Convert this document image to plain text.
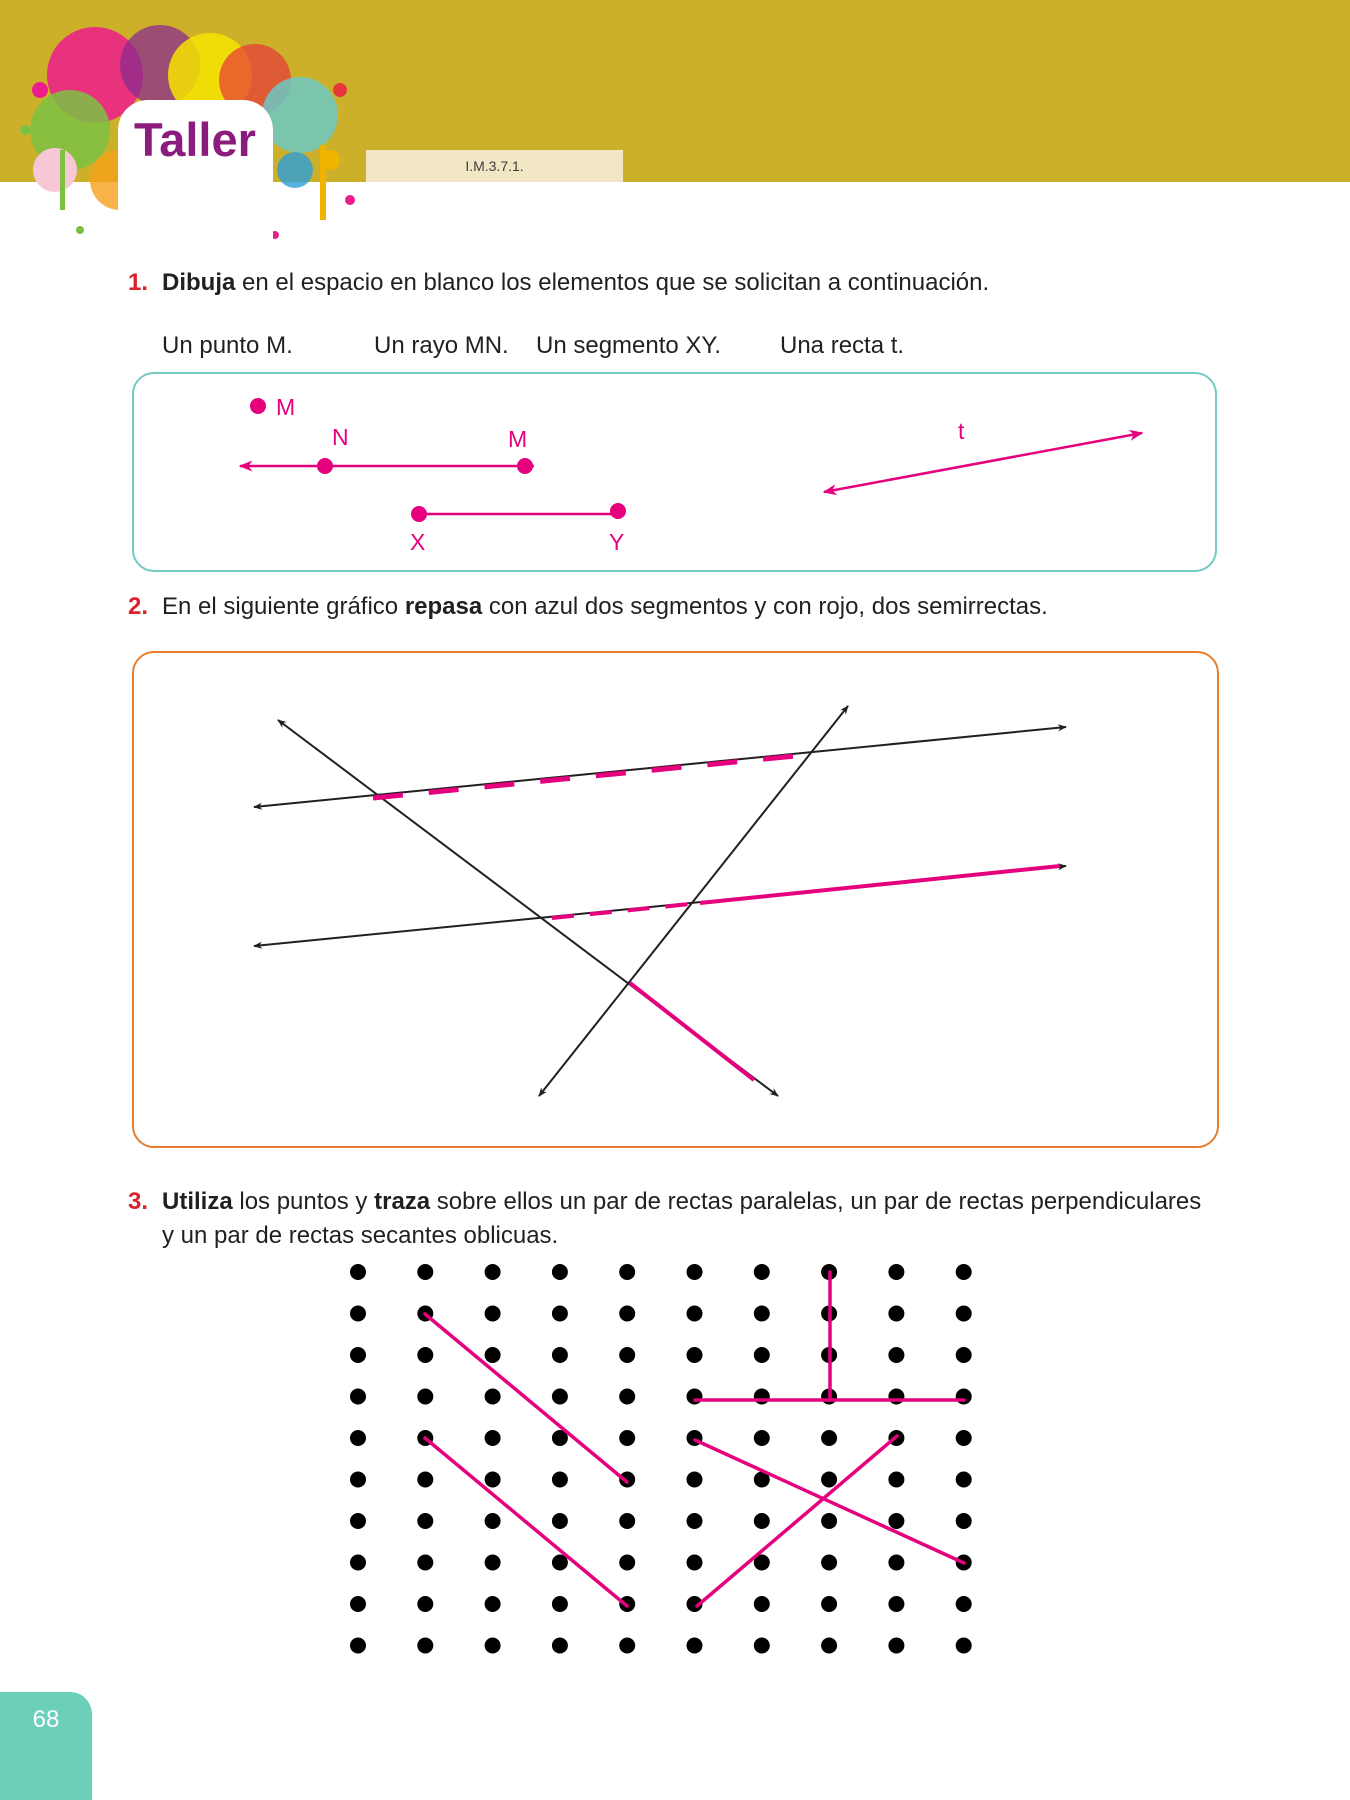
I.M.3.7.1.
Taller
1. Dibuja en el espacio en blanco los elementos que se solicitan a continuación.
Un punto M.	Un rayo MN. Un segmento XY. Una recta t.
2. En el siguiente gráfico repasa con azul dos segmentos y con rojo, dos semirrectas.
3. Utiliza los puntos y traza sobre ellos un par de rectas paralelas, un par de rectas perpendiculares
y un par de rectas secantes oblicuas.
M
N	M
X	Y
t
68
